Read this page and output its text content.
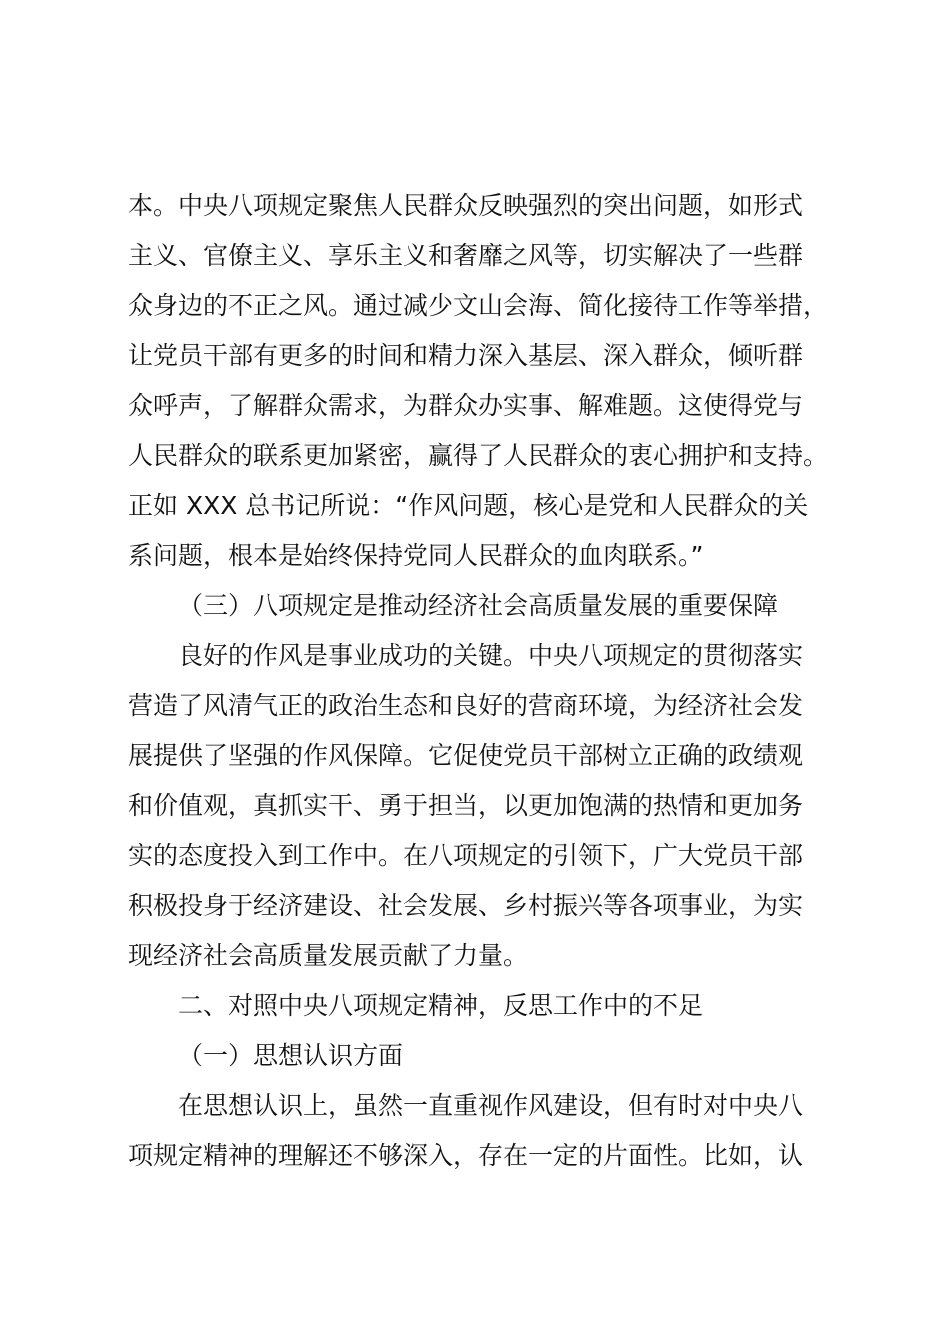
本。中央八项规定聚焦人民群众反映强烈的突出问题，如形式
主义、官僚主义、享乐主义和奢靡之风等，切实解决了一些群
众身边的不正之风。通过减少文山会海、简化接待工作等举措，
让党员干部有更多的时间和精力深入基层、深入群众，倾听群
众呼声，了解群众需求，为群众办实事、解难题。这使得党与
人民群众的联系更加紧密，赢得了人民群众的衷心拥护和支持。
正如 XXX 总书记所说：“作风问题，核心是党和人民群众的关
系问题，根本是始终保持党同人民群众的血肉联系。”
（三）八项规定是推动经济社会高质量发展的重要保障
良好的作风是事业成功的关键。中央八项规定的贯彻落实
营造了风清气正的政治生态和良好的营商环境，为经济社会发
展提供了坚强的作风保障。它促使党员干部树立正确的政绩观
和价值观，真抓实干、勇于担当，以更加饱满的热情和更加务
实的态度投入到工作中。在八项规定的引领下，广大党员干部
积极投身于经济建设、社会发展、乡村振兴等各项事业，为实
现经济社会高质量发展贡献了力量。
二、对照中央八项规定精神，反思工作中的不足
（一）思想认识方面
在思想认识上，虽然一直重视作风建设，但有时对中央八
项规定精神的理解还不够深入，存在一定的片面性。比如，认
